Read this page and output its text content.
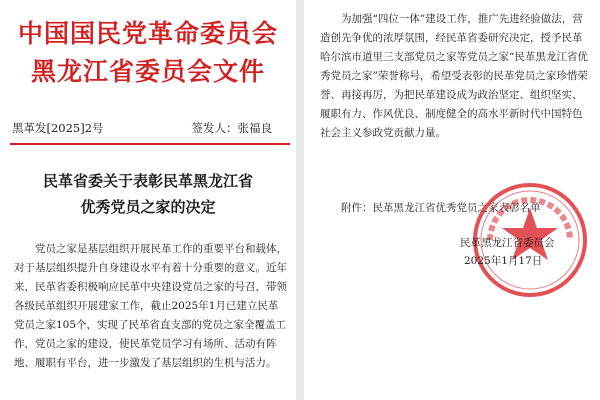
中国国民党革命委员会
黑龙江省委员会文件
黑革发[2025]2号	签发人：张福良
民革省委关于表彰民革黑龙江省
优秀党员之家的决定
党员之家是基层组织开展民革工作的重要平台和载体，对于基层组织提升自身建设水平有着十分重要的意义。近年来，民革省委积极响应民革中央建设党员之家的号召，带领各级民革组织开展建家工作，截止2025年1月已建立民革党员之家105个，实现了民革省直支部的党员之家全覆盖工作，党员之家的建设，使民革党员学习有场所、活动有阵地、履职有平台，进一步激发了基层组织的生机与活力。
为加强“四位一体”建设工作，推广先进经验做法，营造创先争优的浓厚氛围，经民革省委研究决定，授予民革哈尔滨市道里三支部党员之家等党员之家“民革黑龙江省优秀党员之家”荣誉称号，希望受表彰的民革党员之家珍惜荣誉、再接再厉，为把民革建设成为政治坚定、组织坚实、履职有力、作风优良、制度健全的高水平新时代中国特色社会主义参政党贡献力量。
附件：民革黑龙江省优秀党员之家表彰名单
民革黑龙江省委员会
2025年1月17日
